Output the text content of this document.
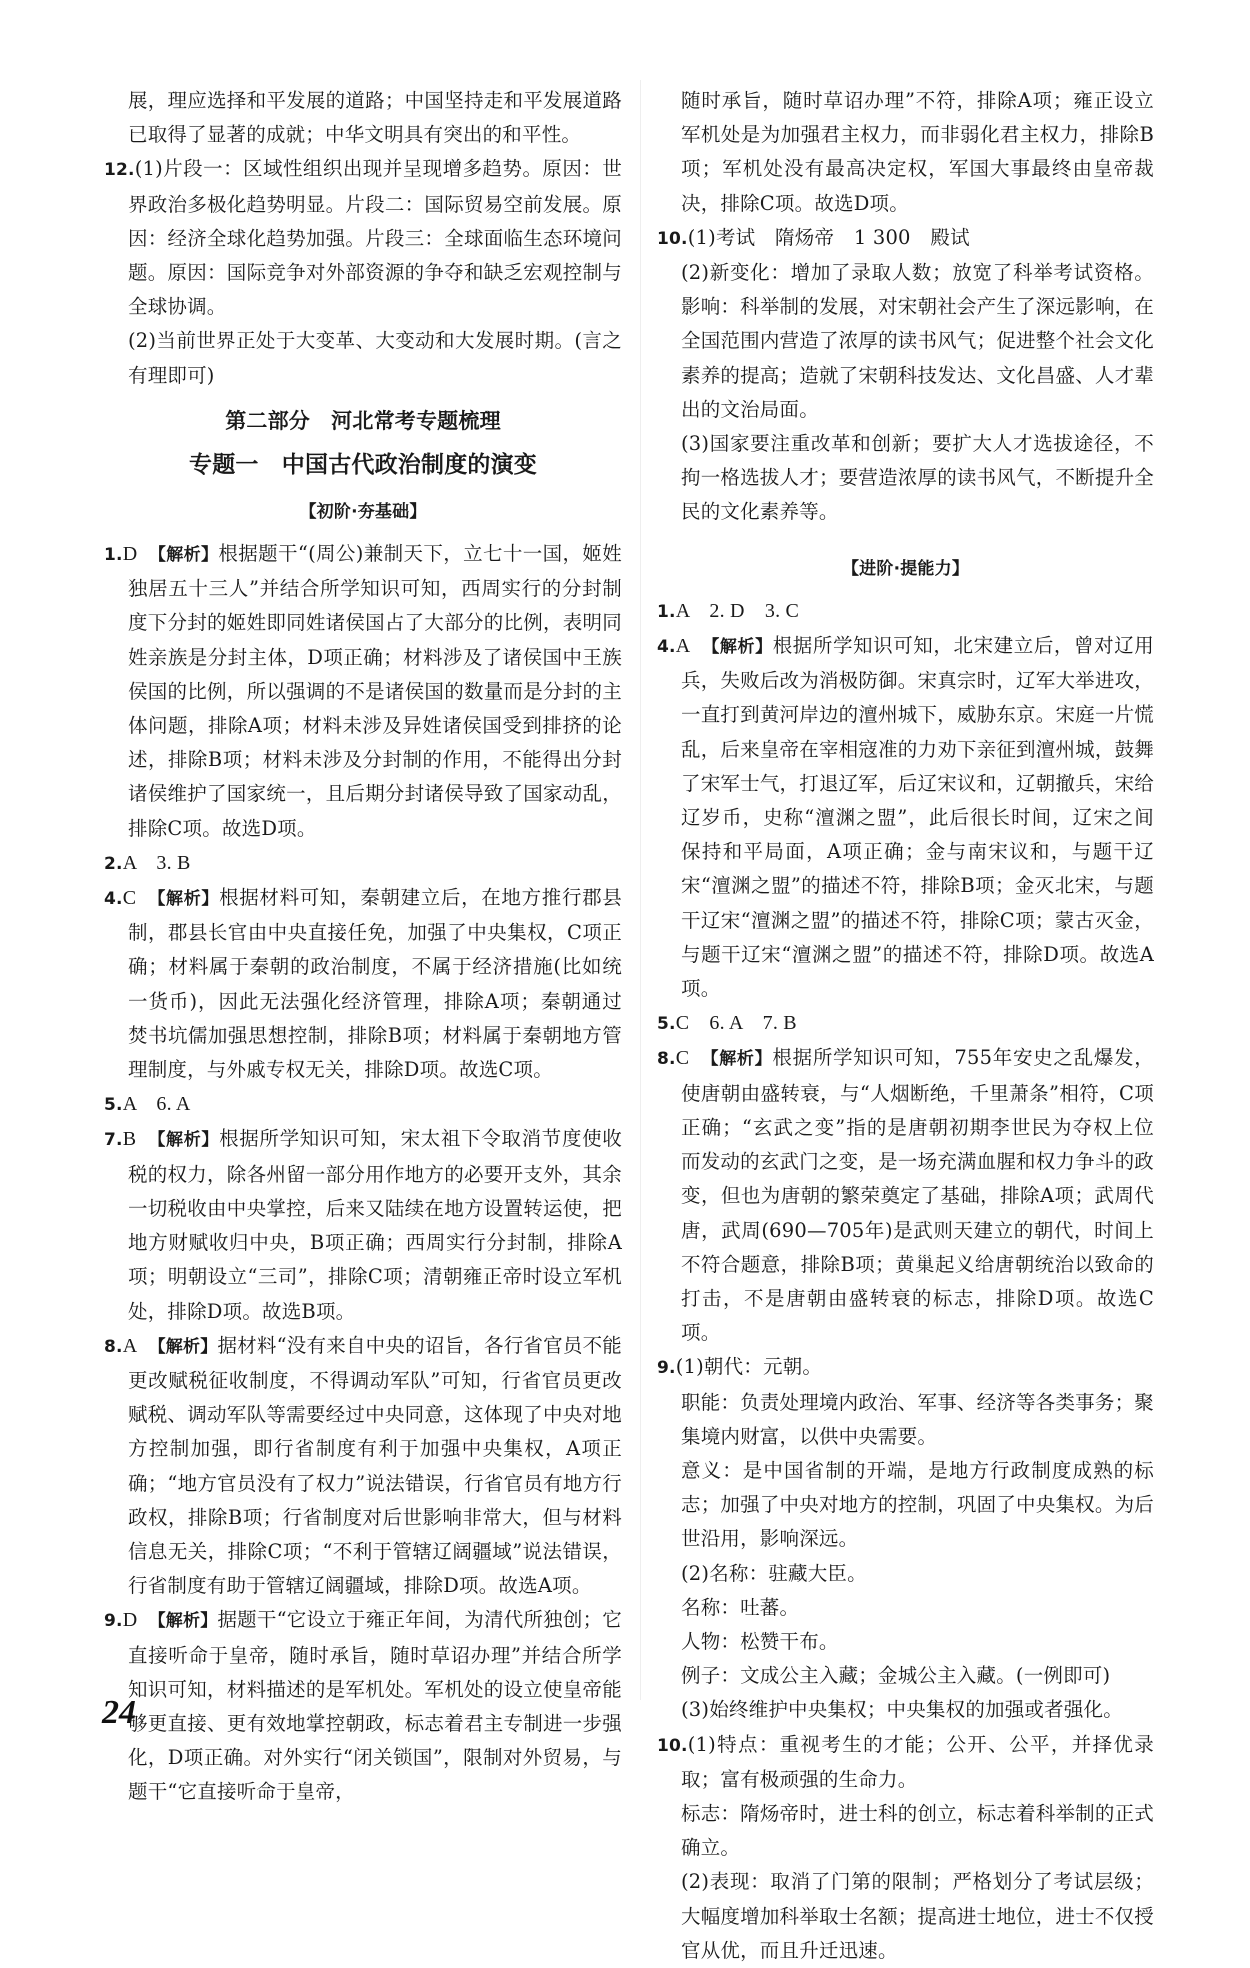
展，理应选择和平发展的道路；中国坚持走和平发展道路已取得了显著的成就；中华文明具有突出的和平性。

12.(1)片段一：区域性组织出现并呈现增多趋势。原因：世界政治多极化趋势明显。片段二：国际贸易空前发展。原因：经济全球化趋势加强。片段三：全球面临生态环境问题。原因：国际竞争对外部资源的争夺和缺乏宏观控制与全球协调。

(2)当前世界正处于大变革、大变动和大发展时期。(言之有理即可)

第二部分　河北常考专题梳理
专题一　中国古代政治制度的演变
【初阶·夯基础】

1.D　 【解析】根据题干“(周公)兼制天下，立七十一国，姬姓独居五十三人”并结合所学知识可知，西周实行的分封制度下分封的姬姓即同姓诸侯国占了大部分的比例，表明同姓亲族是分封主体，D项正确；材料涉及了诸侯国中王族侯国的比例，所以强调的不是诸侯国的数量而是分封的主体问题，排除A项；材料未涉及异姓诸侯国受到排挤的论述，排除B项；材料未涉及分封制的作用，不能得出分封诸侯维护了国家统一，且后期分封诸侯导致了国家动乱，排除C项。故选D项。

2.A　3. B

4.C　 【解析】根据材料可知，秦朝建立后，在地方推行郡县制，郡县长官由中央直接任免，加强了中央集权，C项正确；材料属于秦朝的政治制度，不属于经济措施(比如统一货币)，因此无法强化经济管理，排除A项；秦朝通过焚书坑儒加强思想控制，排除B项；材料属于秦朝地方管理制度，与外戚专权无关，排除D项。故选C项。

5.A　6. A

7.B　 【解析】根据所学知识可知，宋太祖下令取消节度使收税的权力，除各州留一部分用作地方的必要开支外，其余一切税收由中央掌控，后来又陆续在地方设置转运使，把地方财赋收归中央，B项正确；西周实行分封制，排除A项；明朝设立“三司”，排除C项；清朝雍正帝时设立军机处，排除D项。故选B项。

8.A　 【解析】据材料“没有来自中央的诏旨，各行省官员不能更改赋税征收制度，不得调动军队”可知，行省官员更改赋税、调动军队等需要经过中央同意，这体现了中央对地方控制加强，即行省制度有利于加强中央集权，A项正确；“地方官员没有了权力”说法错误，行省官员有地方行政权，排除B项；行省制度对后世影响非常大，但与材料信息无关，排除C项；“不利于管辖辽阔疆域”说法错误，行省制度有助于管辖辽阔疆域，排除D项。故选A项。

9.D　 【解析】据题干“它设立于雍正年间，为清代所独创；它直接听命于皇帝，随时承旨，随时草诏办理”并结合所学知识可知，材料描述的是军机处。军机处的设立使皇帝能够更直接、更有效地掌控朝政，标志着君主专制进一步强化，D项正确。对外实行“闭关锁国”，限制对外贸易，与题干“它直接听命于皇帝，

随时承旨，随时草诏办理”不符，排除A项；雍正设立军机处是为加强君主权力，而非弱化君主权力，排除B项；军机处没有最高决定权，军国大事最终由皇帝裁决，排除C项。故选D项。

10.(1)考试　隋炀帝　1 300　殿试

(2)新变化：增加了录取人数；放宽了科举考试资格。影响：科举制的发展，对宋朝社会产生了深远影响，在全国范围内营造了浓厚的读书风气；促进整个社会文化素养的提高；造就了宋朝科技发达、文化昌盛、人才辈出的文治局面。

(3)国家要注重改革和创新；要扩大人才选拔途径，不拘一格选拔人才；要营造浓厚的读书风气，不断提升全民的文化素养等。

【进阶·提能力】

1.A　2. D　3. C

4.A　 【解析】根据所学知识可知，北宋建立后，曾对辽用兵，失败后改为消极防御。宋真宗时，辽军大举进攻，一直打到黄河岸边的澶州城下，威胁东京。宋庭一片慌乱，后来皇帝在宰相寇准的力劝下亲征到澶州城，鼓舞了宋军士气，打退辽军，后辽宋议和，辽朝撤兵，宋给辽岁币，史称“澶渊之盟”，此后很长时间，辽宋之间保持和平局面，A项正确；金与南宋议和，与题干辽宋“澶渊之盟”的描述不符，排除B项；金灭北宋，与题干辽宋“澶渊之盟”的描述不符，排除C项；蒙古灭金，与题干辽宋“澶渊之盟”的描述不符，排除D项。故选A项。

5.C　6. A　7. B

8.C　 【解析】根据所学知识可知，755年安史之乱爆发，使唐朝由盛转衰，与“人烟断绝，千里萧条”相符，C项正确；“玄武之变”指的是唐朝初期李世民为夺权上位而发动的玄武门之变，是一场充满血腥和权力争斗的政变，但也为唐朝的繁荣奠定了基础，排除A项；武周代唐，武周(690—705年)是武则天建立的朝代，时间上不符合题意，排除B项；黄巢起义给唐朝统治以致命的打击，不是唐朝由盛转衰的标志，排除D项。故选C项。

9.(1)朝代：元朝。

职能：负责处理境内政治、军事、经济等各类事务；聚集境内财富，以供中央需要。

意义：是中国省制的开端，是地方行政制度成熟的标志；加强了中央对地方的控制，巩固了中央集权。为后世沿用，影响深远。

(2)名称：驻藏大臣。

名称：吐蕃。

人物：松赞干布。

例子：文成公主入藏；金城公主入藏。(一例即可)

(3)始终维护中央集权；中央集权的加强或者强化。

10.(1)特点：重视考生的才能；公开、公平，并择优录取；富有极顽强的生命力。

标志：隋炀帝时，进士科的创立，标志着科举制的正式确立。

(2)表现：取消了门第的限制；严格划分了考试层级；大幅度增加科举取士名额；提高进士地位，进士不仅授官从优，而且升迁迅速。

24
